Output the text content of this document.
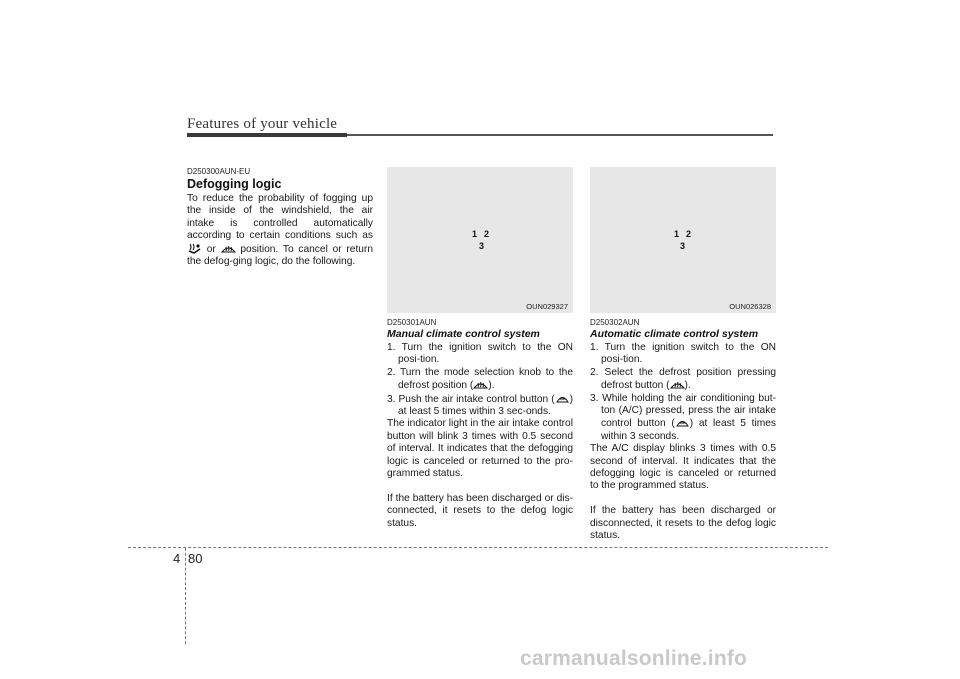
Features of your vehicle
D250300AUN-EU
Defogging logic

To reduce the probability of fogging up the inside of the windshield, the air intake is controlled automatically according to certain conditions such as
or position. To cancel or return the defog-ging logic, do the following.

1 2
3
OUN029327
D250301AUN
Manual climate control system

1. Turn the ignition switch to the ON posi-tion.

2. Turn the mode selection knob to the defrost position ( ).

3. Push the air intake control button ( ) at least 5 times within 3 sec-onds.

The indicator light in the air intake control button will blink 3 times with 0.5 second of interval. It indicates that the defogging logic is canceled or returned to the pro-grammed status.

If the battery has been discharged or dis-connected, it resets to the defog logic status.

1 2
3
OUN026328
D250302AUN
Automatic climate control system

1. Turn the ignition switch to the ON posi-tion.

2. Select the defrost position pressing defrost button ( ).

3. While holding the air conditioning but-ton (A/C) pressed, press the air intake control button ( ) at least 5 times within 3 seconds.

The A/C display blinks 3 times with 0.5 second of interval. It indicates that the defogging logic is canceled or returned to the programmed status.

If the battery has been discharged or disconnected, it resets to the defog logic status.

4 80
carmanualsonline.info
